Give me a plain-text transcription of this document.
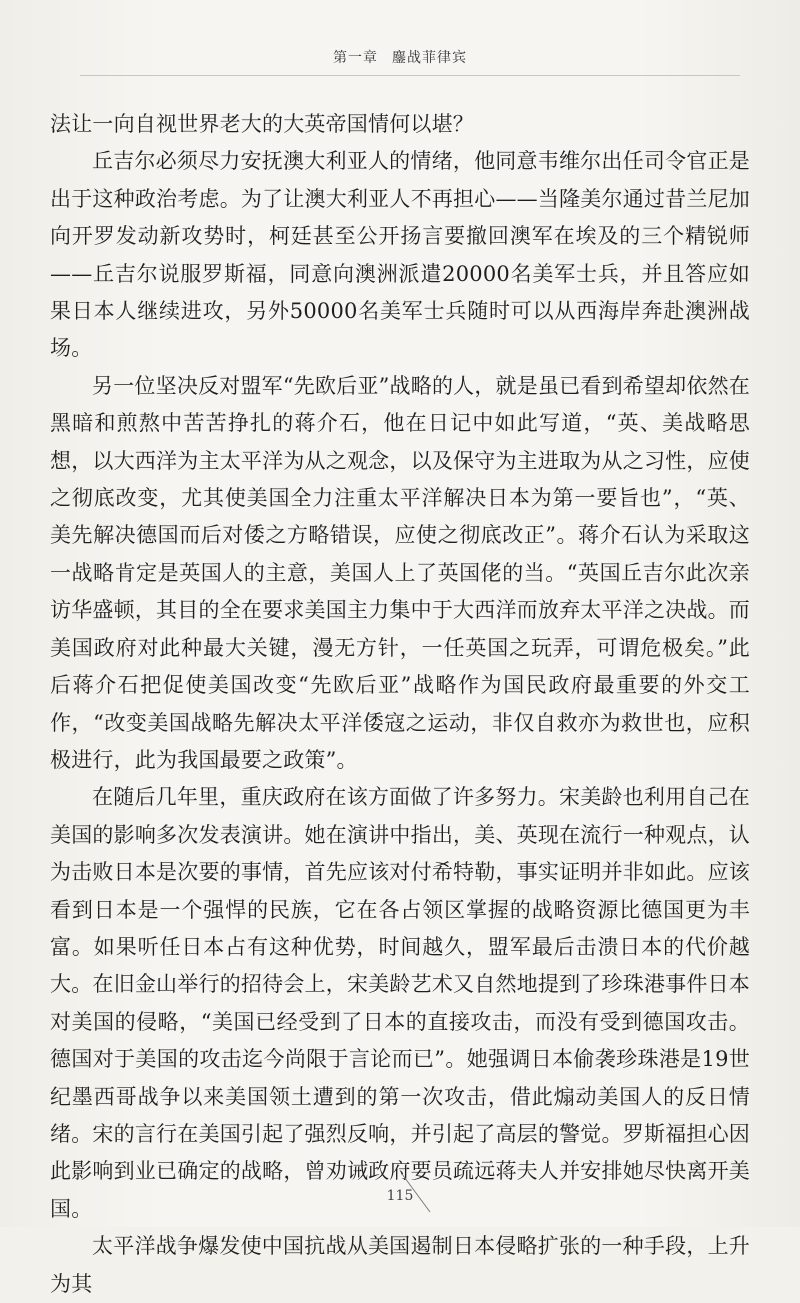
第一章 鏖战菲律宾

法让一向自视世界老大的大英帝国情何以堪？

丘吉尔必须尽力安抚澳大利亚人的情绪，他同意韦维尔出任司令官正是出于这种政治考虑。为了让澳大利亚人不再担心——当隆美尔通过昔兰尼加向开罗发动新攻势时，柯廷甚至公开扬言要撤回澳军在埃及的三个精锐师——丘吉尔说服罗斯福，同意向澳洲派遣20000名美军士兵，并且答应如果日本人继续进攻，另外50000名美军士兵随时可以从西海岸奔赴澳洲战场。

另一位坚决反对盟军“先欧后亚”战略的人，就是虽已看到希望却依然在黑暗和煎熬中苦苦挣扎的蒋介石，他在日记中如此写道，“英、美战略思想，以大西洋为主太平洋为从之观念，以及保守为主进取为从之习性，应使之彻底改变，尤其使美国全力注重太平洋解决日本为第一要旨也”，“英、美先解决德国而后对倭之方略错误，应使之彻底改正”。蒋介石认为采取这一战略肯定是英国人的主意，美国人上了英国佬的当。“英国丘吉尔此次亲访华盛顿，其目的全在要求美国主力集中于大西洋而放弃太平洋之决战。而美国政府对此种最大关键，漫无方针，一任英国之玩弄，可谓危极矣。”此后蒋介石把促使美国改变“先欧后亚”战略作为国民政府最重要的外交工作，“改变美国战略先解决太平洋倭寇之运动，非仅自救亦为救世也，应积极进行，此为我国最要之政策”。

在随后几年里，重庆政府在该方面做了许多努力。宋美龄也利用自己在美国的影响多次发表演讲。她在演讲中指出，美、英现在流行一种观点，认为击败日本是次要的事情，首先应该对付希特勒，事实证明并非如此。应该看到日本是一个强悍的民族，它在各占领区掌握的战略资源比德国更为丰富。如果听任日本占有这种优势，时间越久，盟军最后击溃日本的代价越大。在旧金山举行的招待会上，宋美龄艺术又自然地提到了珍珠港事件日本对美国的侵略，“美国已经受到了日本的直接攻击，而没有受到德国攻击。德国对于美国的攻击迄今尚限于言论而已”。她强调日本偷袭珍珠港是19世纪墨西哥战争以来美国领土遭到的第一次攻击，借此煽动美国人的反日情绪。宋的言行在美国引起了强烈反响，并引起了高层的警觉。罗斯福担心因此影响到业已确定的战略，曾劝诫政府要员疏远蒋夫人并安排她尽快离开美国。

太平洋战争爆发使中国抗战从美国遏制日本侵略扩张的一种手段，上升为其

115
